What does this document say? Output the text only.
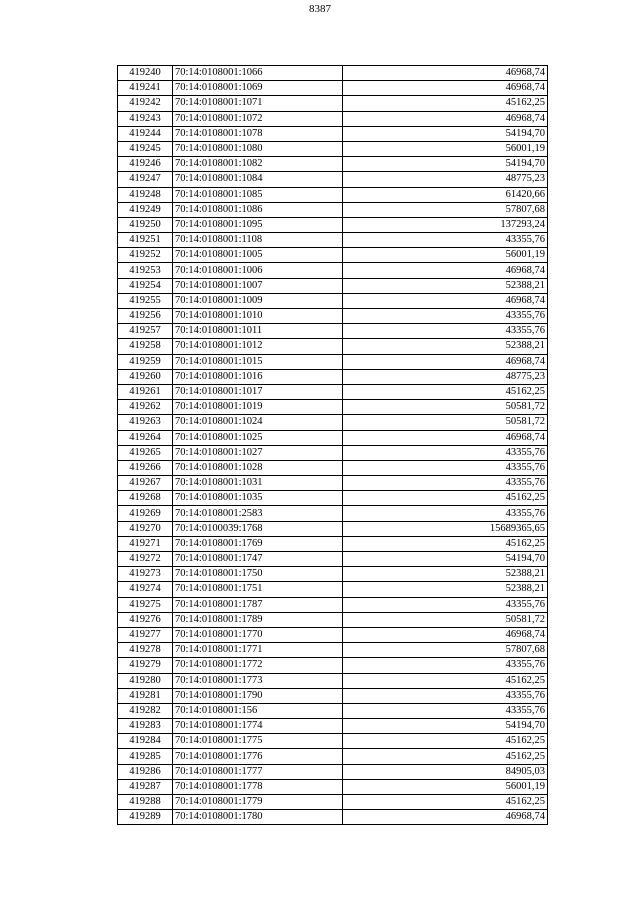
8387
419240	70:14:0108001:1066	46968,74
419241	70:14:0108001:1069	46968,74
419242	70:14:0108001:1071	45162,25
419243	70:14:0108001:1072	46968,74
419244	70:14:0108001:1078	54194,70
419245	70:14:0108001:1080	56001,19
419246	70:14:0108001:1082	54194,70
419247	70:14:0108001:1084	48775,23
419248	70:14:0108001:1085	61420,66
419249	70:14:0108001:1086	57807,68
419250	70:14:0108001:1095	137293,24
419251	70:14:0108001:1108	43355,76
419252	70:14:0108001:1005	56001,19
419253	70:14:0108001:1006	46968,74
419254	70:14:0108001:1007	52388,21
419255	70:14:0108001:1009	46968,74
419256	70:14:0108001:1010	43355,76
419257	70:14:0108001:1011	43355,76
419258	70:14:0108001:1012	52388,21
419259	70:14:0108001:1015	46968,74
419260	70:14:0108001:1016	48775,23
419261	70:14:0108001:1017	45162,25
419262	70:14:0108001:1019	50581,72
419263	70:14:0108001:1024	50581,72
419264	70:14:0108001:1025	46968,74
419265	70:14:0108001:1027	43355,76
419266	70:14:0108001:1028	43355,76
419267	70:14:0108001:1031	43355,76
419268	70:14:0108001:1035	45162,25
419269	70:14:0108001:2583	43355,76
419270	70:14:0100039:1768	15689365,65
419271	70:14:0108001:1769	45162,25
419272	70:14:0108001:1747	54194,70
419273	70:14:0108001:1750	52388,21
419274	70:14:0108001:1751	52388,21
419275	70:14:0108001:1787	43355,76
419276	70:14:0108001:1789	50581,72
419277	70:14:0108001:1770	46968,74
419278	70:14:0108001:1771	57807,68
419279	70:14:0108001:1772	43355,76
419280	70:14:0108001:1773	45162,25
419281	70:14:0108001:1790	43355,76
419282	70:14:0108001:156	43355,76
419283	70:14:0108001:1774	54194,70
419284	70:14:0108001:1775	45162,25
419285	70:14:0108001:1776	45162,25
419286	70:14:0108001:1777	84905,03
419287	70:14:0108001:1778	56001,19
419288	70:14:0108001:1779	45162,25
419289	70:14:0108001:1780	46968,74
